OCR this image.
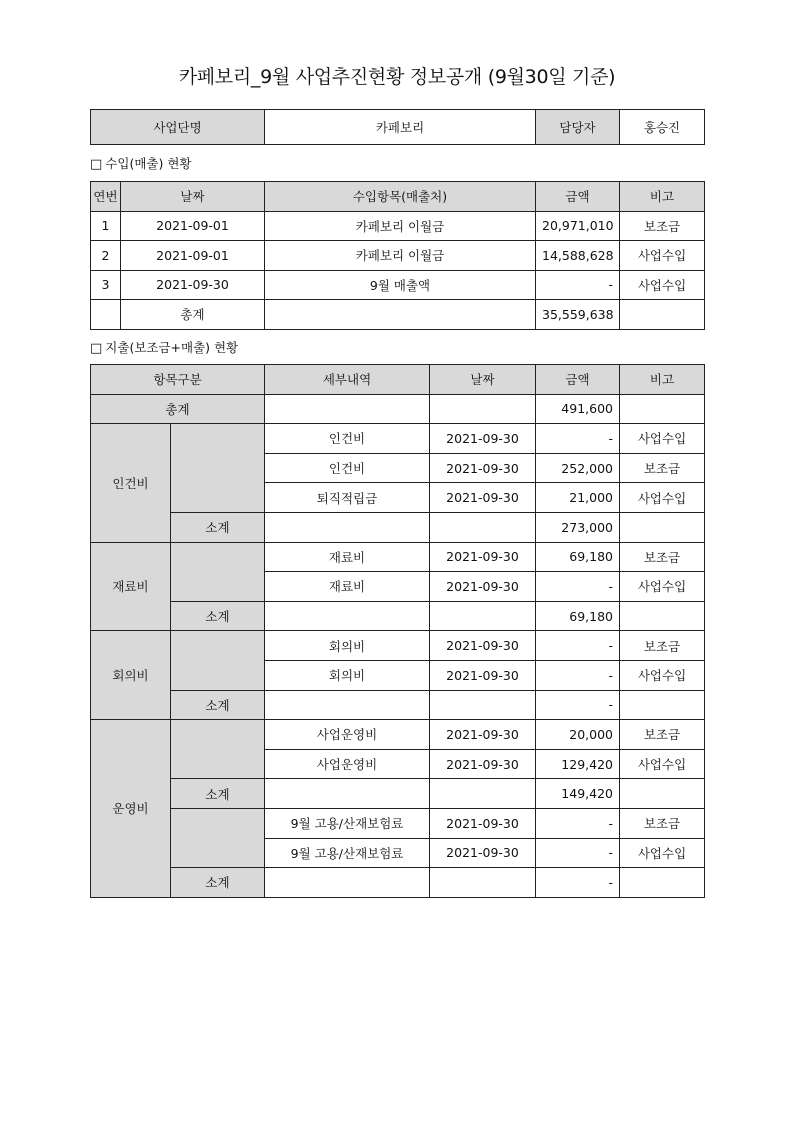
카페보리_9월 사업추진현황 정보공개 (9월30일 기준)
사업단명	카페보리	담당자	홍승진
□ 수입(매출) 현황
연번	날짜	수입항목(매출처)	금액	비고
1	2021-09-01	카페보리 이월금	20,971,010	보조금
2	2021-09-01	카페보리 이월금	14,588,628	사업수입
3	2021-09-30	9월 매출액	-	사업수입
	총계		35,559,638	
□ 지출(보조금+매출) 현황
항목구분		세부내역	날짜	금액	비고
총계				491,600	
인건비		인건비	2021-09-30	-	사업수입
		인건비	2021-09-30	252,000	보조금
		퇴직적립금	2021-09-30	21,000	사업수입
	소계			273,000	
재료비		재료비	2021-09-30	69,180	보조금
		재료비	2021-09-30	-	사업수입
	소계			69,180	
회의비		회의비	2021-09-30	-	보조금
		회의비	2021-09-30	-	사업수입
	소계			-	
운영비		사업운영비	2021-09-30	20,000	보조금
		사업운영비	2021-09-30	129,420	사업수입
	소계			149,420	
		9월 고용/산재보험료	2021-09-30	-	보조금
		9월 고용/산재보험료	2021-09-30	-	사업수입
	소계			-	
